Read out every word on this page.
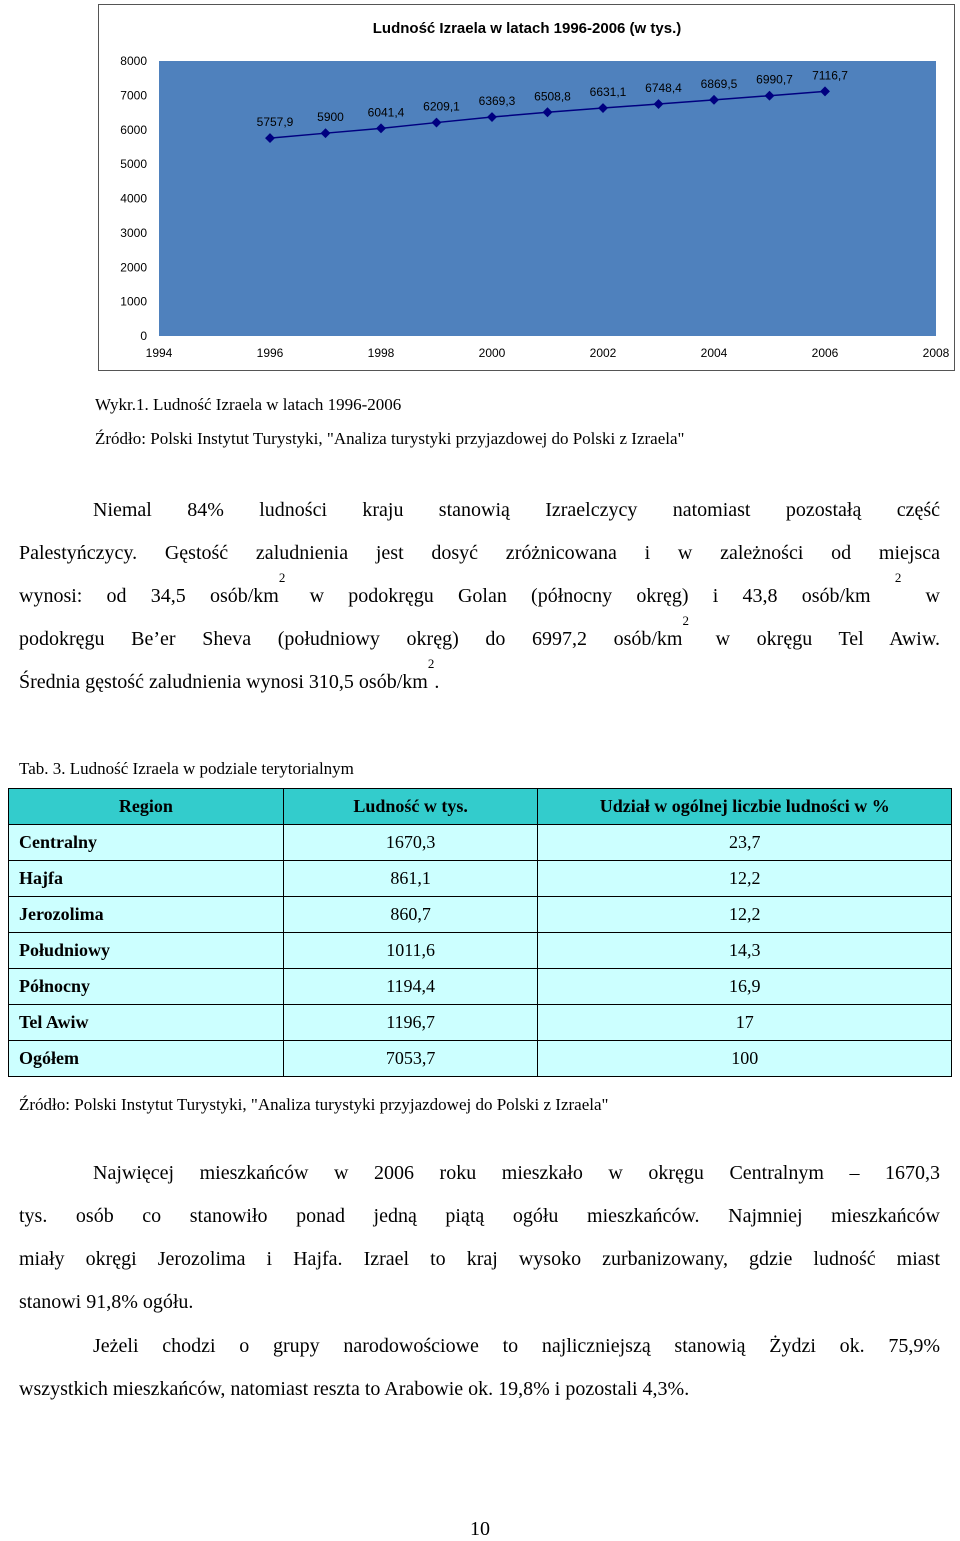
Ludność Izraela w latach 1996-2006 (w tys.)
0
1000
2000
3000
4000
5000
6000
7000
8000
1994	1996	1998	2000	2002	2004	2006	2008
5757,9 5900 6041,4 6209,1 6369,3 6508,8 6631,1 6748,4 6869,5 6990,7 7116,7
Wykr.1. Ludność Izraela w latach 1996-2006
Źródło: Polski Instytut Turystyki, "Analiza turystyki przyjazdowej do Polski z Izraela"
Niemal 84% ludności kraju stanowią Izraelczycy natomiast pozostałą część
Palestyńczycy. Gęstość zaludnienia jest dosyć zróżnicowana i w zależności od miejsca
wynosi: od 34,5 osób/$km^2$ w podokręgu Golan (północny okręg) i 43,8 osób/km $^2$ w
podokręgu Be’er Sheva (południowy okręg) do 6997,2 osób/$km^2$ w okręgu Tel Awiw.
Średnia gęstość zaludnienia wynosi 310,5 osób/$km^2$.
Tab. 3. Ludność Izraela w podziale terytorialnym
Region	Ludność w tys.	Udział w ogólnej liczbie ludności w %
Centralny	1670,3	23,7
Hajfa	861,1	12,2
Jerozolima	860,7	12,2
Południowy	1011,6	14,3
Północny	1194,4	16,9
Tel Awiw	1196,7	17
Ogółem	7053,7	100
Źródło: Polski Instytut Turystyki, "Analiza turystyki przyjazdowej do Polski z Izraela"
Najwięcej mieszkańców w 2006 roku mieszkało w okręgu Centralnym – 1670,3
tys. osób co stanowiło ponad jedną piątą ogółu mieszkańców. Najmniej mieszkańców
miały okręgi Jerozolima i Hajfa. Izrael to kraj wysoko zurbanizowany, gdzie ludność miast
stanowi 91,8% ogółu.
Jeżeli chodzi o grupy narodowościowe to najliczniejszą stanowią Żydzi ok. 75,9%
wszystkich mieszkańców, natomiast reszta to Arabowie ok. 19,8% i pozostali 4,3%.
10
